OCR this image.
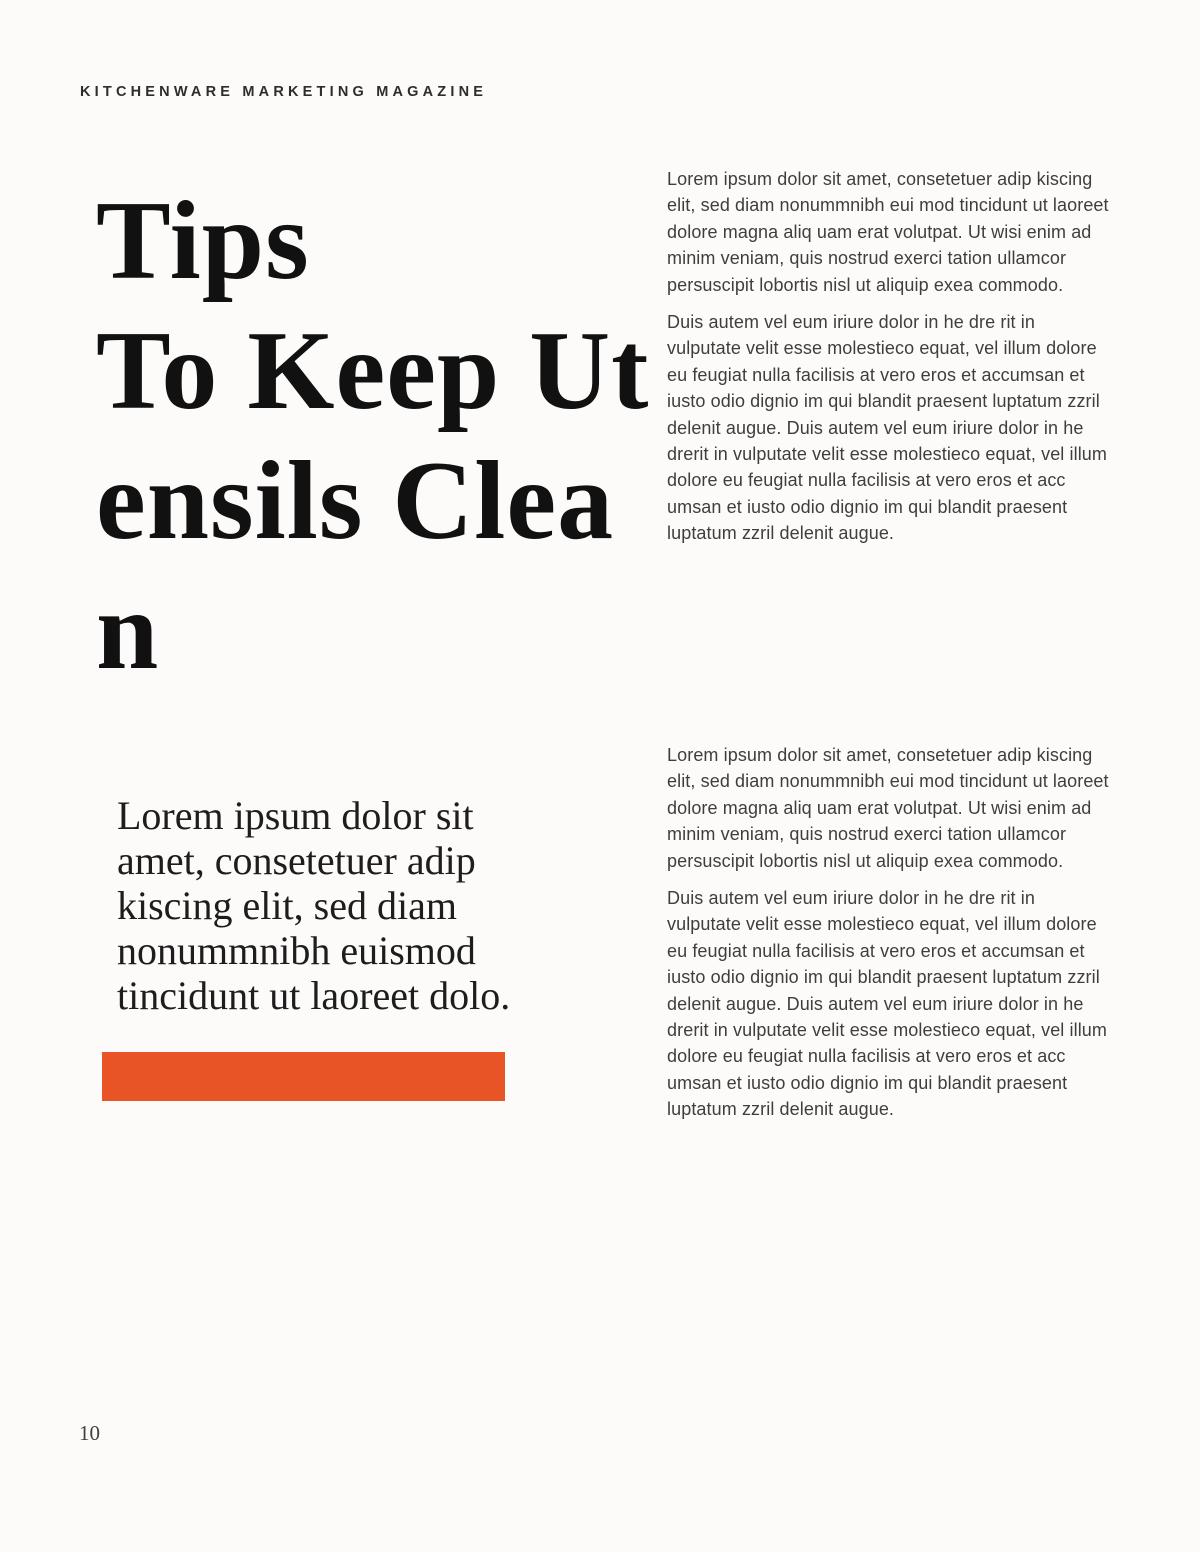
KITCHENWARE MARKETING MAGAZINE
Tips
To Keep Ut
ensils Clea
n
Lorem ipsum dolor sit
amet, consetetuer adip
kiscing elit, sed diam
nonummnibh euismod
tincidunt ut laoreet dolo.

Lorem ipsum dolor sit amet, consetetuer adip kiscing elit, sed diam nonummnibh eui mod tincidunt ut laoreet dolore magna aliq uam erat volutpat. Ut wisi enim ad minim veniam, quis nostrud exerci tation ullamcor persuscipit lobortis nisl ut aliquip exea commodo.

Duis autem vel eum iriure dolor in he dre rit in vulputate velit esse molestieco equat, vel illum dolore eu feugiat nulla facilisis at vero eros et accumsan et iusto odio dignio im qui blandit praesent luptatum zzril delenit augue. Duis autem vel eum iriure dolor in he drerit in vulputate velit esse molestieco equat, vel illum dolore eu feugiat nulla facilisis at vero eros et acc umsan et iusto odio dignio im qui blandit praesent luptatum zzril delenit augue.

Lorem ipsum dolor sit amet, consetetuer adip kiscing elit, sed diam nonummnibh eui mod tincidunt ut laoreet dolore magna aliq uam erat volutpat. Ut wisi enim ad minim veniam, quis nostrud exerci tation ullamcor persuscipit lobortis nisl ut aliquip exea commodo.

Duis autem vel eum iriure dolor in he dre rit in vulputate velit esse molestieco equat, vel illum dolore eu feugiat nulla facilisis at vero eros et accumsan et iusto odio dignio im qui blandit praesent luptatum zzril delenit augue. Duis autem vel eum iriure dolor in he drerit in vulputate velit esse molestieco equat, vel illum dolore eu feugiat nulla facilisis at vero eros et acc umsan et iusto odio dignio im qui blandit praesent luptatum zzril delenit augue.

10
